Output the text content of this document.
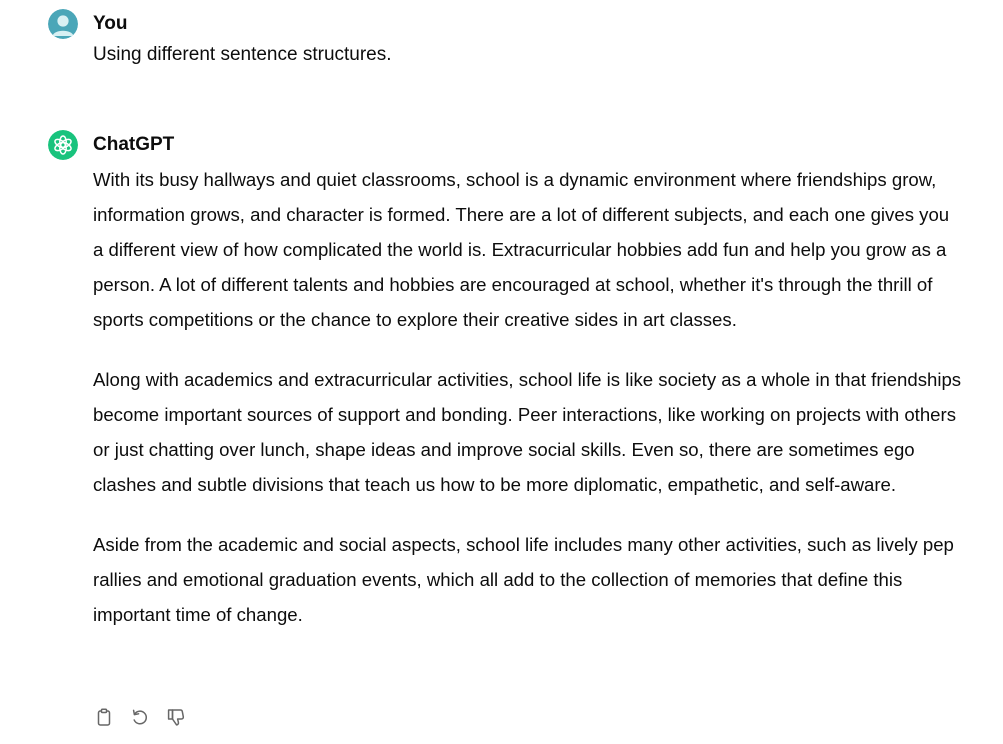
You
Using different sentence structures.
ChatGPT

With its busy hallways and quiet classrooms, school is a dynamic environment where friendships grow, information grows, and character is formed. There are a lot of different subjects, and each one gives you a different view of how complicated the world is. Extracurricular hobbies add fun and help you grow as a person. A lot of different talents and hobbies are encouraged at school, whether it's through the thrill of sports competitions or the chance to explore their creative sides in art classes.

Along with academics and extracurricular activities, school life is like society as a whole in that friendships become important sources of support and bonding. Peer interactions, like working on projects with others or just chatting over lunch, shape ideas and improve social skills. Even so, there are sometimes ego clashes and subtle divisions that teach us how to be more diplomatic, empathetic, and self-aware.

Aside from the academic and social aspects, school life includes many other activities, such as lively pep rallies and emotional graduation events, which all add to the collection of memories that define this important time of change.
